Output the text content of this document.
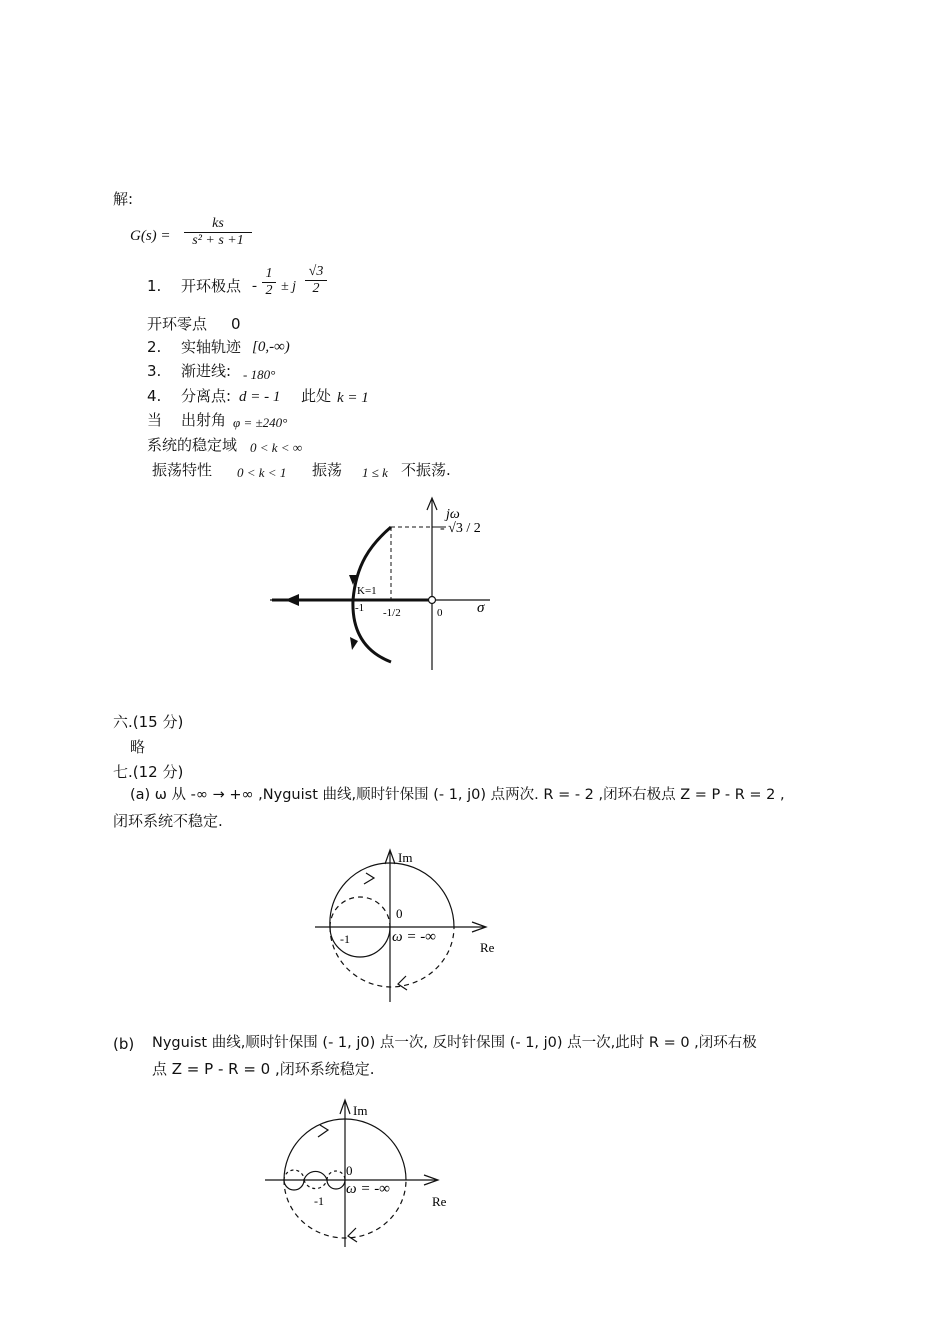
解:
G(s) =
ks
s² + s +1
1. 开环极点 -
1
2 ± j
√3
2
开环零点 0
2. 实轴轨迹 [0,-∞)
3. 渐进线: - 180°
4. 分离点: d = - 1 此处 k = 1
当 出射角 φ = ±240°
系统的稳定域 0 < k < ∞
振荡特性 0 < k < 1 振荡 1 ≤ k 不振荡.
jω
σ
- √3 / 2
K=1
-1 -1/2	0
六.(15 分)
略
七.(12 分)
(a) ω 从 -∞ → +∞ ,Nyguist 曲线,顺时针保围 (- 1, j0) 点两次. R = - 2 ,闭环右极点 Z = P - R = 2 ,
闭环系统不稳定.
Im
Re
0
-1	ω = -∞
(b) Nyguist 曲线,顺时针保围 (- 1, j0) 点一次, 反时针保围 (- 1, j0) 点一次,此时 R = 0 ,闭环右极
点 Z = P - R = 0 ,闭环系统稳定.
Im
Re
0
-1
ω = -∞
